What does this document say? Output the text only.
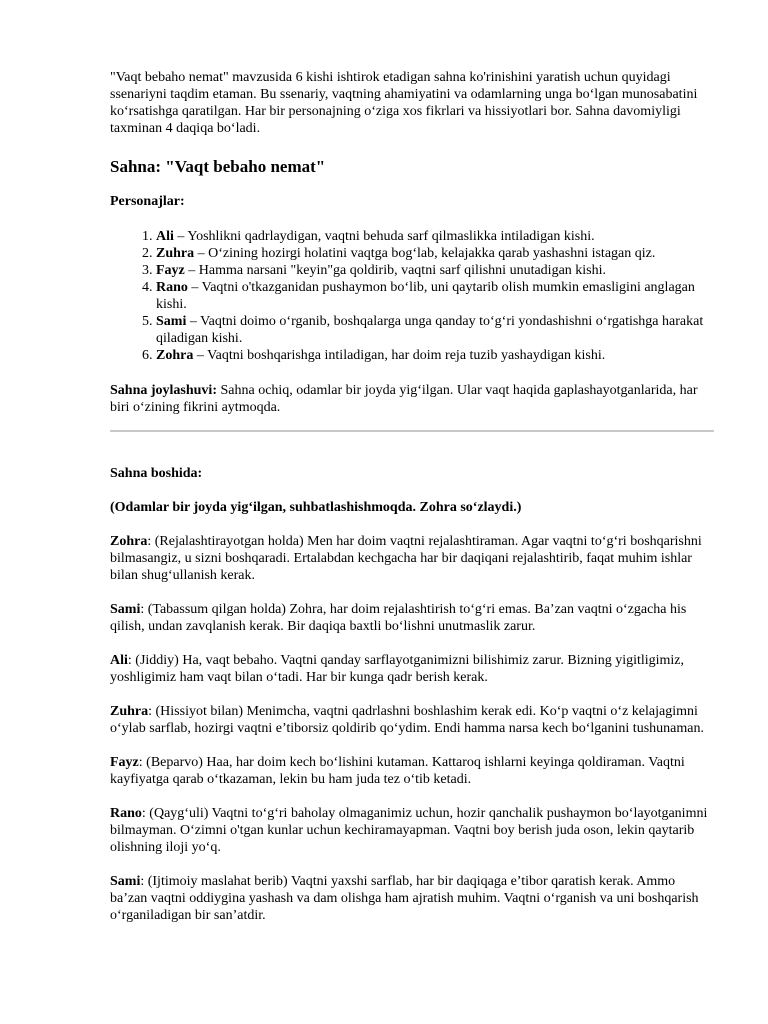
"Vaqt bebaho nemat" mavzusida 6 kishi ishtirok etadigan sahna ko'rinishini yaratish uchun quyidagi ssenariyni taqdim etaman. Bu ssenariy, vaqtning ahamiyatini va odamlarning unga bo‘lgan munosabatini ko‘rsatishga qaratilgan. Har bir personajning o‘ziga xos fikrlari va hissiyotlari bor. Sahna davomiyligi taxminan 4 daqiqa bo‘ladi.

Sahna: "Vaqt bebaho nemat"

Personajlar:

1. Ali – Yoshlikni qadrlaydigan, vaqtni behuda sarf qilmaslikka intiladigan kishi.
2. Zuhra – O‘zining hozirgi holatini vaqtga bog‘lab, kelajakka qarab yashashni istagan qiz.
3. Fayz – Hamma narsani "keyin"ga qoldirib, vaqtni sarf qilishni unutadigan kishi.
4. Rano – Vaqtni o'tkazganidan pushaymon bo‘lib, uni qaytarib olish mumkin emasligini anglagan kishi.
5. Sami – Vaqtni doimo o‘rganib, boshqalarga unga qanday to‘g‘ri yondashishni o‘rgatishga harakat qiladigan kishi.
6. Zohra – Vaqtni boshqarishga intiladigan, har doim reja tuzib yashaydigan kishi.

Sahna joylashuvi: Sahna ochiq, odamlar bir joyda yig‘ilgan. Ular vaqt haqida gaplashayotganlarida, har biri o‘zining fikrini aytmoqda.

Sahna boshida:

(Odamlar bir joyda yig‘ilgan, suhbatlashishmoqda. Zohra so‘zlaydi.)

Zohra: (Rejalashtirayotgan holda) Men har doim vaqtni rejalashtiraman. Agar vaqtni to‘g‘ri boshqarishni bilmasangiz, u sizni boshqaradi. Ertalabdan kechgacha har bir daqiqani rejalashtirib, faqat muhim ishlar bilan shug‘ullanish kerak.

Sami: (Tabassum qilgan holda) Zohra, har doim rejalashtirish to‘g‘ri emas. Ba’zan vaqtni o‘zgacha his qilish, undan zavqlanish kerak. Bir daqiqa baxtli bo‘lishni unutmaslik zarur.

Ali: (Jiddiy) Ha, vaqt bebaho. Vaqtni qanday sarflayotganimizni bilishimiz zarur. Bizning yigitligimiz, yoshligimiz ham vaqt bilan o‘tadi. Har bir kunga qadr berish kerak.

Zuhra: (Hissiyot bilan) Menimcha, vaqtni qadrlashni boshlashim kerak edi. Ko‘p vaqtni o‘z kelajagimni o‘ylab sarflab, hozirgi vaqtni e’tiborsiz qoldirib qo‘ydim. Endi hamma narsa kech bo‘lganini tushunaman.

Fayz: (Beparvo) Haa, har doim kech bo‘lishini kutaman. Kattaroq ishlarni keyinga qoldiraman. Vaqtni kayfiyatga qarab o‘tkazaman, lekin bu ham juda tez o‘tib ketadi.

Rano: (Qayg‘uli) Vaqtni to‘g‘ri baholay olmaganimiz uchun, hozir qanchalik pushaymon bo‘layotganimni bilmayman. O‘zimni o'tgan kunlar uchun kechiramayapman. Vaqtni boy berish juda oson, lekin qaytarib olishning iloji yo‘q.

Sami: (Ijtimoiy maslahat berib) Vaqtni yaxshi sarflab, har bir daqiqaga e’tibor qaratish kerak. Ammo ba’zan vaqtni oddiygina yashash va dam olishga ham ajratish muhim. Vaqtni o‘rganish va uni boshqarish o‘rganiladigan bir san’atdir.
